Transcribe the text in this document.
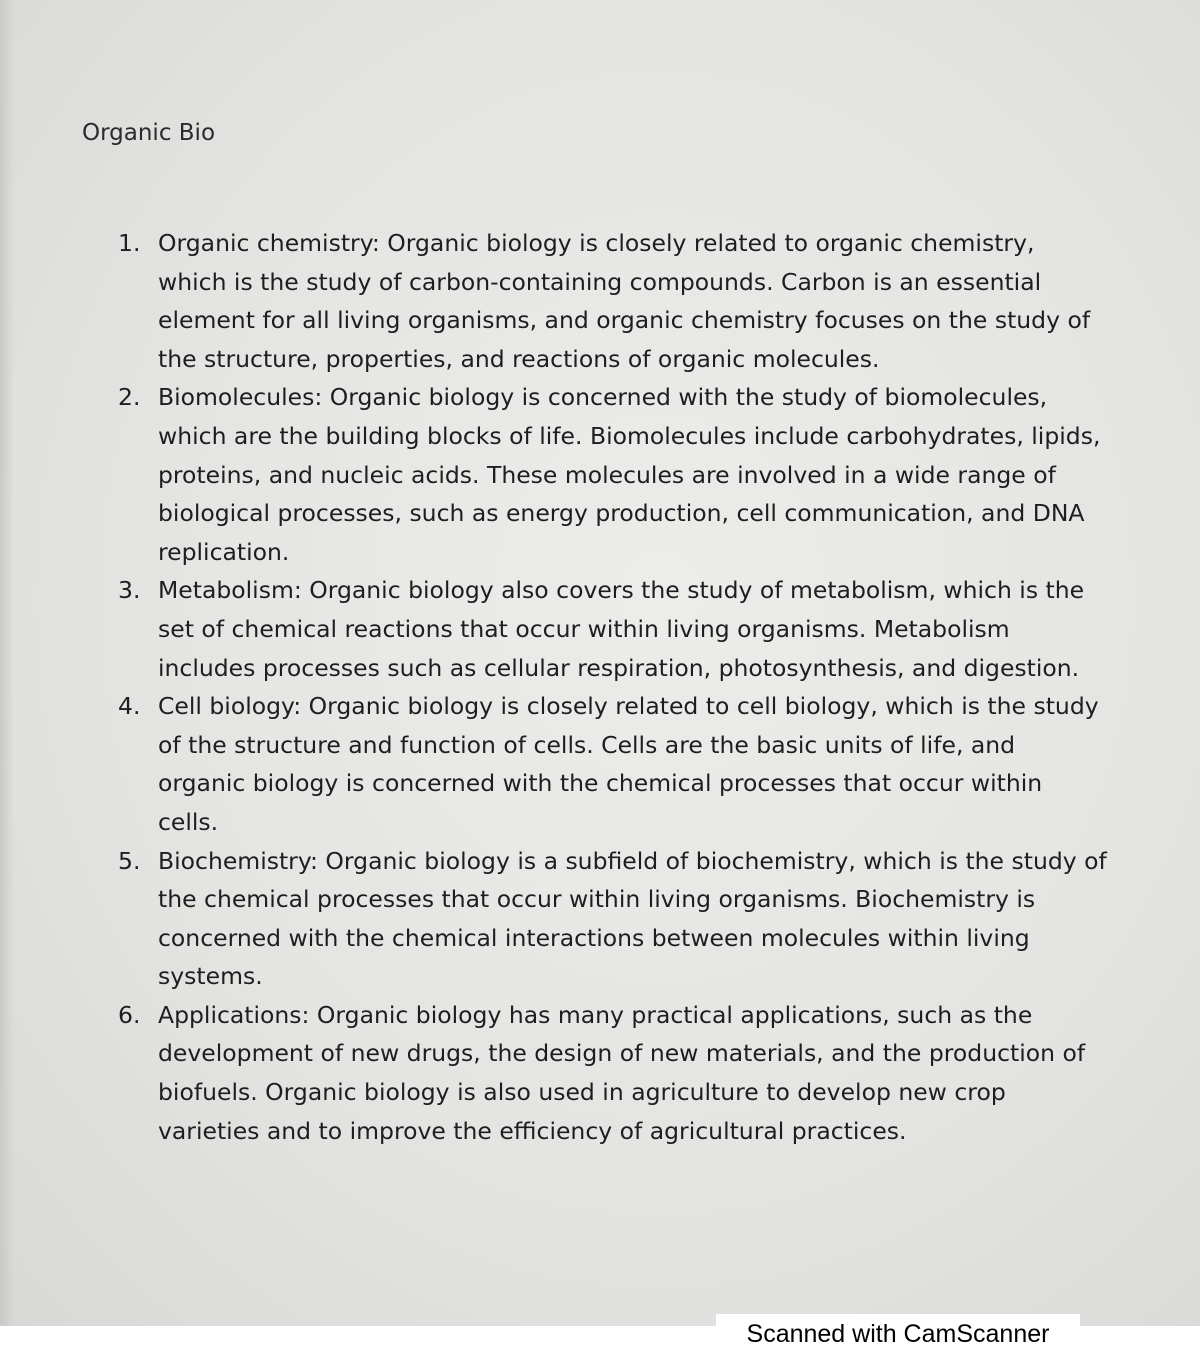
Organic Bio
1. Organic chemistry: Organic biology is closely related to organic chemistry, which is the study of carbon-containing compounds. Carbon is an essential element for all living organisms, and organic chemistry focuses on the study of the structure, properties, and reactions of organic molecules.
2. Biomolecules: Organic biology is concerned with the study of biomolecules, which are the building blocks of life. Biomolecules include carbohydrates, lipids, proteins, and nucleic acids. These molecules are involved in a wide range of biological processes, such as energy production, cell communication, and DNA replication.
3. Metabolism: Organic biology also covers the study of metabolism, which is the set of chemical reactions that occur within living organisms. Metabolism includes processes such as cellular respiration, photosynthesis, and digestion.
4. Cell biology: Organic biology is closely related to cell biology, which is the study of the structure and function of cells. Cells are the basic units of life, and organic biology is concerned with the chemical processes that occur within cells.
5. Biochemistry: Organic biology is a subfield of biochemistry, which is the study of the chemical processes that occur within living organisms. Biochemistry is concerned with the chemical interactions between molecules within living systems.
6. Applications: Organic biology has many practical applications, such as the development of new drugs, the design of new materials, and the production of biofuels. Organic biology is also used in agriculture to develop new crop varieties and to improve the efficiency of agricultural practices.
Scanned with CamScanner
